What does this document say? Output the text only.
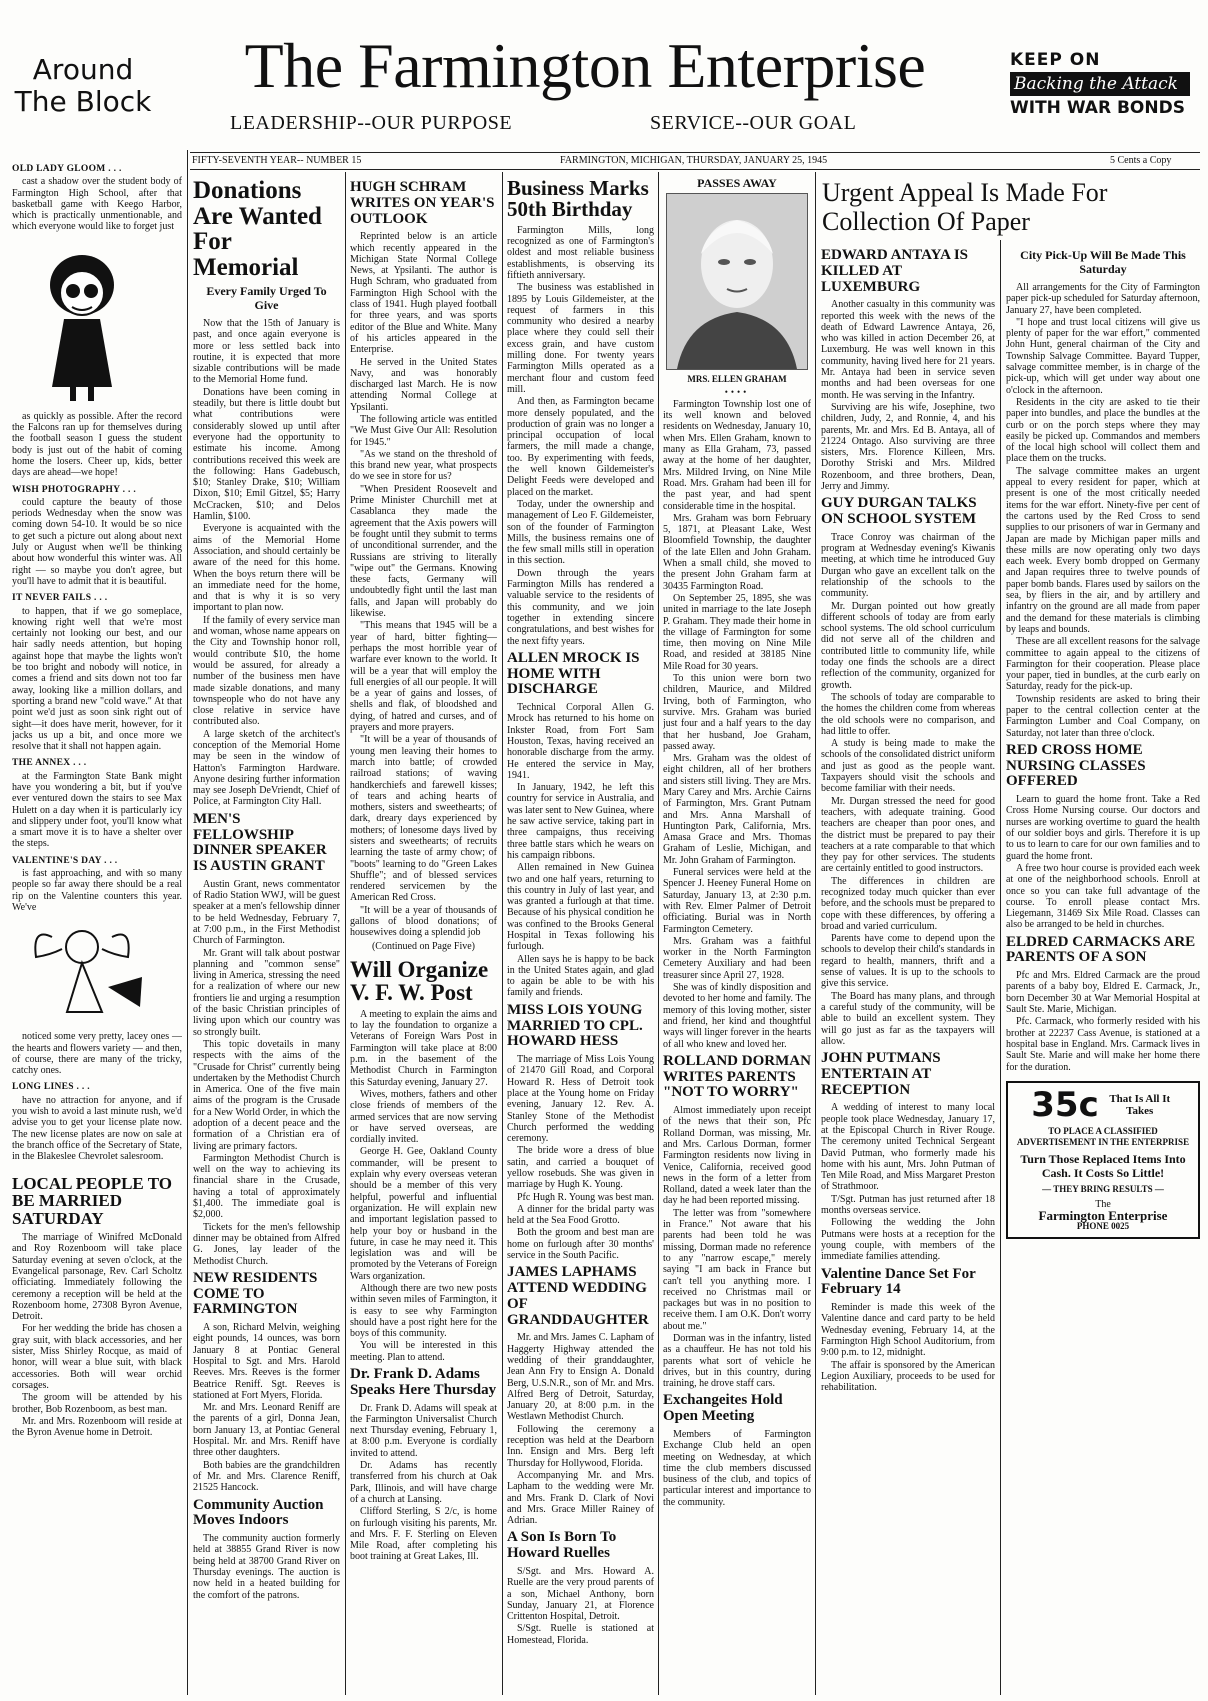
Around
The Block
The Farmington Enterprise
LEADERSHIP--OUR PURPOSE	SERVICE--OUR GOAL
KEEP ON
Backing the Attack
WITH WAR BONDS
FIFTY-SEVENTH YEAR-- NUMBER 15	FARMINGTON, MICHIGAN, THURSDAY, JANUARY 25, 1945	5 Cents a Copy
OLD LADY GLOOM . . .

cast a shadow over the student body of Farmington High School, after that basketball game with Keego Harbor, which is practically unmentionable, and which everyone would like to forget just

as quickly as possible. After the record the Falcons ran up for themselves during the football season I guess the student body is just out of the habit of coming home the losers. Cheer up, kids, better days are ahead—we hope!

WISH PHOTOGRAPHY . . .

could capture the beauty of those periods Wednesday when the snow was coming down 54-10. It would be so nice to get such a picture out along about next July or August when we'll be thinking about how wonderful this winter was. All right — so maybe you don't agree, but you'll have to admit that it is beautiful.

IT NEVER FAILS . . .

to happen, that if we go someplace, knowing right well that we're most certainly not looking our best, and our hair sadly needs attention, but hoping against hope that maybe the lights won't be too bright and nobody will notice, in comes a friend and sits down not too far away, looking like a million dollars, and sporting a brand new "cold wave." At that point we'd just as soon sink right out of sight—it does have merit, however, for it jacks us up a bit, and once more we resolve that it shall not happen again.

THE ANNEX . . .

at the Farmington State Bank might have you wondering a bit, but if you've ever ventured down the stairs to see Max Hulett on a day when it is particularly icy and slippery under foot, you'll know what a smart move it is to have a shelter over the steps.

VALENTINE'S DAY . . .

is fast approaching, and with so many people so far away there should be a real rip on the Valentine counters this year. We've

noticed some very pretty, lacey ones — the hearts and flowers variety — and then, of course, there are many of the tricky, catchy ones.

LONG LINES . . .

have no attraction for anyone, and if you wish to avoid a last minute rush, we'd advise you to get your license plate now. The new license plates are now on sale at the branch office of the Secretary of State, in the Blakeslee Chevrolet salesroom.

LOCAL PEOPLE TO BE MARRIED SATURDAY

The marriage of Winifred McDonald and Roy Rozenboom will take place Saturday evening at seven o'clock, at the Evangelical parsonage, Rev. Carl Scholtz officiating. Immediately following the ceremony a reception will be held at the Rozenboom home, 27308 Byron Avenue, Detroit.

For her wedding the bride has chosen a gray suit, with black accessories, and her sister, Miss Shirley Rocque, as maid of honor, will wear a blue suit, with black accessories. Both will wear orchid corsages.

The groom will be attended by his brother, Bob Rozenboom, as best man.

Mr. and Mrs. Rozenboom will reside at the Byron Avenue home in Detroit.

Donations Are Wanted For Memorial
Every Family Urged To Give

Now that the 15th of January is past, and once again everyone is more or less settled back into routine, it is expected that more sizable contributions will be made to the Memorial Home fund.

Donations have been coming in steadily, but there is little doubt but what contributions were considerably slowed up until after everyone had the opportunity to estimate his income. Among contributions received this week are the following: Hans Gadebusch, $10; Stanley Drake, $10; William Dixon, $10; Emil Gitzel, $5; Harry McCracken, $10; and Delos Hamlin, $100.

Everyone is acquainted with the aims of the Memorial Home Association, and should certainly be aware of the need for this home. When the boys return there will be an immediate need for the home, and that is why it is so very important to plan now.

If the family of every service man and woman, whose name appears on the City and Township honor roll, would contribute $10, the home would be assured, for already a number of the business men have made sizable donations, and many townspeople who do not have any close relative in service have contributed also.

A large sketch of the architect's conception of the Memorial Home may be seen in the window of Hatton's Farmington Hardware. Anyone desiring further information may see Joseph DeVriendt, Chief of Police, at Farmington City Hall.

MEN'S FELLOWSHIP DINNER SPEAKER IS AUSTIN GRANT

Austin Grant, news commentator of Radio Station WWJ, will be guest speaker at a men's fellowship dinner to be held Wednesday, February 7, at 7:00 p.m., in the First Methodist Church of Farmington.

Mr. Grant will talk about postwar planning and "common sense" living in America, stressing the need for a realization of where our new frontiers lie and urging a resumption of the basic Christian principles of living upon which our country was so strongly built.

This topic dovetails in many respects with the aims of the "Crusade for Christ" currently being undertaken by the Methodist Church in America. One of the five main aims of the program is the Crusade for a New World Order, in which the adoption of a decent peace and the formation of a Christian era of living are primary factors.

Farmington Methodist Church is well on the way to achieving its financial share in the Crusade, having a total of approximately $1,400. The immediate goal is $2,000.

Tickets for the men's fellowship dinner may be obtained from Alfred G. Jones, lay leader of the Methodist Church.

NEW RESIDENTS COME TO FARMINGTON

A son, Richard Melvin, weighing eight pounds, 14 ounces, was born January 8 at Pontiac General Hospital to Sgt. and Mrs. Harold Reeves. Mrs. Reeves is the former Beatrice Reniff. Sgt. Reeves is stationed at Fort Myers, Florida.

Mr. and Mrs. Leonard Reniff are the parents of a girl, Donna Jean, born January 13, at Pontiac General Hospital. Mr. and Mrs. Reniff have three other daughters.

Both babies are the grandchildren of Mr. and Mrs. Clarence Reniff, 21525 Hancock.

Community Auction Moves Indoors

The community auction formerly held at 38855 Grand River is now being held at 38700 Grand River on Thursday evenings. The auction is now held in a heated building for the comfort of the patrons.

HUGH SCHRAM WRITES ON YEAR'S OUTLOOK

Reprinted below is an article which recently appeared in the Michigan State Normal College News, at Ypsilanti. The author is Hugh Schram, who graduated from Farmington High School with the class of 1941. Hugh played football for three years, and was sports editor of the Blue and White. Many of his articles appeared in the Enterprise.

He served in the United States Navy, and was honorably discharged last March. He is now attending Normal College at Ypsilanti.

The following article was entitled "We Must Give Our All: Resolution for 1945."

"As we stand on the threshold of this brand new year, what prospects do we see in store for us?

"When President Roosevelt and Prime Minister Churchill met at Casablanca they made the agreement that the Axis powers will be fought until they submit to terms of unconditional surrender, and the Russians are striving to literally "wipe out" the Germans. Knowing these facts, Germany will undoubtedly fight until the last man falls, and Japan will probably do likewise.

"This means that 1945 will be a year of hard, bitter fighting—perhaps the most horrible year of warfare ever known to the world. It will be a year that will employ the full energies of all our people. It will be a year of gains and losses, of shells and flak, of bloodshed and dying, of hatred and curses, and of prayers and more prayers.

"It will be a year of thousands of young men leaving their homes to march into battle; of crowded railroad stations; of waving handkerchiefs and farewell kisses; of tears and aching hearts of mothers, sisters and sweethearts; of dark, dreary days experienced by mothers; of lonesome days lived by sisters and sweethearts; of recruits learning the taste of army chow; of "boots" learning to do "Green Lakes Shuffle"; and of blessed services rendered servicemen by the American Red Cross.

"It will be a year of thousands of gallons of blood donations; of housewives doing a splendid job

(Continued on Page Five)
Will Organize V. F. W. Post

A meeting to explain the aims and to lay the foundation to organize a Veterans of Foreign Wars Post in Farmington will take place at 8:00 p.m. in the basement of the Methodist Church in Farmington this Saturday evening, January 27.

Wives, mothers, fathers and other close friends of members of the armed services that are now serving or have served overseas, are cordially invited.

George H. Gee, Oakland County commander, will be present to explain why every overseas veteran should be a member of this very helpful, powerful and influential organization. He will explain new and important legislation passed to help your boy or husband in the future, in case he may need it. This legislation was and will be promoted by the Veterans of Foreign Wars organization.

Although there are two new posts within seven miles of Farmington, it is easy to see why Farmington should have a post right here for the boys of this community.

You will be interested in this meeting. Plan to attend.

Dr. Frank D. Adams Speaks Here Thursday

Dr. Frank D. Adams will speak at the Farmington Universalist Church next Thursday evening, February 1, at 8:00 p.m. Everyone is cordially invited to attend.

Dr. Adams has recently transferred from his church at Oak Park, Illinois, and will have charge of a church at Lansing.

Clifford Sterling, S 2/c, is home on furlough visiting his parents, Mr. and Mrs. F. F. Sterling on Eleven Mile Road, after completing his boot training at Great Lakes, Ill.

Business Marks 50th Birthday

Farmington Mills, long recognized as one of Farmington's oldest and most reliable business establishments, is observing its fiftieth anniversary.

The business was established in 1895 by Louis Gildemeister, at the request of farmers in this community who desired a nearby place where they could sell their excess grain, and have custom milling done. For twenty years Farmington Mills operated as a merchant flour and custom feed mill.

And then, as Farmington became more densely populated, and the production of grain was no longer a principal occupation of local farmers, the mill made a change, too. By experimenting with feeds, the well known Gildemeister's Delight Feeds were developed and placed on the market.

Today, under the ownership and management of Leo F. Gildemeister, son of the founder of Farmington Mills, the business remains one of the few small mills still in operation in this section.

Down through the years Farmington Mills has rendered a valuable service to the residents of this community, and we join together in extending sincere congratulations, and best wishes for the next fifty years.

ALLEN MROCK IS HOME WITH DISCHARGE

Technical Corporal Allen G. Mrock has returned to his home on Inkster Road, from Fort Sam Houston, Texas, having received an honorable discharge from the army. He entered the service in May, 1941.

In January, 1942, he left this country for service in Australia, and was later sent to New Guinea, where he saw active service, taking part in three campaigns, thus receiving three battle stars which he wears on his campaign ribbons.

Allen remained in New Guinea two and one half years, returning to this country in July of last year, and was granted a furlough at that time. Because of his physical condition he was confined to the Brooks General Hospital in Texas following his furlough.

Allen says he is happy to be back in the United States again, and glad to again be able to be with his family and friends.

MISS LOIS YOUNG MARRIED TO CPL. HOWARD HESS

The marriage of Miss Lois Young of 21470 Gill Road, and Corporal Howard R. Hess of Detroit took place at the Young home on Friday evening, January 12. Rev. A. Stanley Stone of the Methodist Church performed the wedding ceremony.

The bride wore a dress of blue satin, and carried a bouquet of yellow rosebuds. She was given in marriage by Hugh K. Young.

Pfc Hugh R. Young was best man.

A dinner for the bridal party was held at the Sea Food Grotto.

Both the groom and best man are home on furlough after 30 months' service in the South Pacific.

JAMES LAPHAMS ATTEND WEDDING OF GRANDDAUGHTER

Mr. and Mrs. James C. Lapham of Haggerty Highway attended the wedding of their granddaughter, Jean Ann Fry to Ensign A. Donald Berg, U.S.N.R., son of Mr. and Mrs. Alfred Berg of Detroit, Saturday, January 20, at 8:00 p.m. in the Westlawn Methodist Church.

Following the ceremony a reception was held at the Dearborn Inn. Ensign and Mrs. Berg left Thursday for Hollywood, Florida.

Accompanying Mr. and Mrs. Lapham to the wedding were Mr. and Mrs. Frank D. Clark of Novi and Mrs. Grace Miller Rainey of Adrian.

A Son Is Born To Howard Ruelles

S/Sgt. and Mrs. Howard A. Ruelle are the very proud parents of a son, Michael Anthony, born Sunday, January 21, at Florence Crittenton Hospital, Detroit.

S/Sgt. Ruelle is stationed at Homestead, Florida.

PASSES AWAY
MRS. ELLEN GRAHAM
••••

Farmington Township lost one of its well known and beloved residents on Wednesday, January 10, when Mrs. Ellen Graham, known to many as Ella Graham, 73, passed away at the home of her daughter, Mrs. Mildred Irving, on Nine Mile Road. Mrs. Graham had been ill for the past year, and had spent considerable time in the hospital.

Mrs. Graham was born February 5, 1871, at Pleasant Lake, West Bloomfield Township, the daughter of the late Ellen and John Graham. When a small child, she moved to the present John Graham farm at 30435 Farmington Road.

On September 25, 1895, she was united in marriage to the late Joseph P. Graham. They made their home in the village of Farmington for some time, then moving on Nine Mile Road, and resided at 38185 Nine Mile Road for 30 years.

To this union were born two children, Maurice, and Mildred Irving, both of Farmington, who survive. Mrs. Graham was buried just four and a half years to the day that her husband, Joe Graham, passed away.

Mrs. Graham was the oldest of eight children, all of her brothers and sisters still living. They are Mrs. Mary Carey and Mrs. Archie Cairns of Farmington, Mrs. Grant Putnam and Mrs. Anna Marshall of Huntington Park, California, Mrs. Amasa Grace and Mrs. Thomas Graham of Leslie, Michigan, and Mr. John Graham of Farmington.

Funeral services were held at the Spencer J. Heeney Funeral Home on Saturday, January 13, at 2:30 p.m. with Rev. Elmer Palmer of Detroit officiating. Burial was in North Farmington Cemetery.

Mrs. Graham was a faithful worker in the North Farmington Cemetery Auxiliary and had been treasurer since April 27, 1928.

She was of kindly disposition and devoted to her home and family. The memory of this loving mother, sister and friend, her kind and thoughtful ways will linger forever in the hearts of all who knew and loved her.

ROLLAND DORMAN WRITES PARENTS "NOT TO WORRY"

Almost immediately upon receipt of the news that their son, Pfc Rolland Dorman, was missing, Mr. and Mrs. Carlous Dorman, former Farmington residents now living in Venice, California, received good news in the form of a letter from Rolland, dated a week later than the day he had been reported missing.

The letter was from "somewhere in France." Not aware that his parents had been told he was missing, Dorman made no reference to any "narrow escape," merely saying "I am back in France but can't tell you anything more. I received no Christmas mail or packages but was in no position to receive them. I am O.K. Don't worry about me."

Dorman was in the infantry, listed as a chauffeur. He has not told his parents what sort of vehicle he drives, but in this country, during training, he drove staff cars.

Exchangeites Hold Open Meeting

Members of Farmington Exchange Club held an open meeting on Wednesday, at which time the club members discussed business of the club, and topics of particular interest and importance to the community.

Urgent Appeal Is Made For Collection Of Paper
EDWARD ANTAYA IS KILLED AT LUXEMBURG

Another casualty in this community was reported this week with the news of the death of Edward Lawrence Antaya, 26, who was killed in action December 26, at Luxemburg. He was well known in this community, having lived here for 21 years. Mr. Antaya had been in service seven months and had been overseas for one month. He was serving in the Infantry.

Surviving are his wife, Josephine, two children, Judy, 2, and Ronnie, 4, and his parents, Mr. and Mrs. Ed B. Antaya, all of 21224 Ontago. Also surviving are three sisters, Mrs. Florence Killeen, Mrs. Dorothy Striski and Mrs. Mildred Rozenboom, and three brothers, Dean, Jerry and Jimmy.

GUY DURGAN TALKS ON SCHOOL SYSTEM

Trace Conroy was chairman of the program at Wednesday evening's Kiwanis meeting, at which time he introduced Guy Durgan who gave an excellent talk on the relationship of the schools to the community.

Mr. Durgan pointed out how greatly different schools of today are from early school systems. The old school curriculum did not serve all of the children and contributed little to community life, while today one finds the schools are a direct reflection of the community, organized for growth.

The schools of today are comparable to the homes the children come from whereas the old schools were no comparison, and had little to offer.

A study is being made to make the schools of the consolidated district uniform and just as good as the people want. Taxpayers should visit the schools and become familiar with their needs.

Mr. Durgan stressed the need for good teachers, with adequate training. Good teachers are cheaper than poor ones, and the district must be prepared to pay their teachers at a rate comparable to that which they pay for other services. The students are certainly entitled to good instructors.

The differences in children are recognized today much quicker than ever before, and the schools must be prepared to cope with these differences, by offering a broad and varied curriculum.

Parents have come to depend upon the schools to develop their child's standards in regard to health, manners, thrift and a sense of values. It is up to the schools to give this service.

The Board has many plans, and through a careful study of the community, will be able to build an excellent system. They will go just as far as the taxpayers will allow.

JOHN PUTMANS ENTERTAIN AT RECEPTION

A wedding of interest to many local people took place Wednesday, January 17, at the Episcopal Church in River Rouge. The ceremony united Technical Sergeant David Putman, who formerly made his home with his aunt, Mrs. John Putman of Ten Mile Road, and Miss Margaret Preston of Strathmoor.

T/Sgt. Putman has just returned after 18 months overseas service.

Following the wedding the John Putmans were hosts at a reception for the young couple, with members of the immediate families attending.

Valentine Dance Set For February 14

Reminder is made this week of the Valentine dance and card party to be held Wednesday evening, February 14, at the Farmington High School Auditorium, from 9:00 p.m. to 12, midnight.

The affair is sponsored by the American Legion Auxiliary, proceeds to be used for rehabilitation.

City Pick-Up Will Be Made This Saturday

All arrangements for the City of Farmington paper pick-up scheduled for Saturday afternoon, January 27, have been completed.

"I hope and trust local citizens will give us plenty of paper for the war effort," commented John Hunt, general chairman of the City and Township Salvage Committee. Bayard Tupper, salvage committee member, is in charge of the pick-up, which will get under way about one o'clock in the afternoon.

Residents in the city are asked to tie their paper into bundles, and place the bundles at the curb or on the porch steps where they may easily be picked up. Commandos and members of the local high school will collect them and place them on the trucks.

The salvage committee makes an urgent appeal to every resident for paper, which at present is one of the most critically needed items for the war effort. Ninety-five per cent of the cartons used by the Red Cross to send supplies to our prisoners of war in Germany and Japan are made by Michigan paper mills and these mills are now operating only two days each week. Every bomb dropped on Germany and Japan requires three to twelve pounds of paper bomb bands. Flares used by sailors on the sea, by fliers in the air, and by artillery and infantry on the ground are all made from paper and the demand for these materials is climbing by leaps and bounds.

These are all excellent reasons for the salvage committee to again appeal to the citizens of Farmington for their cooperation. Please place your paper, tied in bundles, at the curb early on Saturday, ready for the pick-up.

Township residents are asked to bring their paper to the central collection center at the Farmington Lumber and Coal Company, on Saturday, not later than three o'clock.

RED CROSS HOME NURSING CLASSES OFFERED

Learn to guard the home front. Take a Red Cross Home Nursing course. Our doctors and nurses are working overtime to guard the health of our soldier boys and girls. Therefore it is up to us to learn to care for our own families and to guard the home front.

A free two hour course is provided each week at one of the neighborhood schools. Enroll at once so you can take full advantage of the course. To enroll please contact Mrs. Liegemann, 31469 Six Mile Road. Classes can also be arranged to be held in churches.

ELDRED CARMACKS ARE PARENTS OF A SON

Pfc and Mrs. Eldred Carmack are the proud parents of a baby boy, Eldred E. Carmack, Jr., born December 30 at War Memorial Hospital at Sault Ste. Marie, Michigan.

Pfc. Carmack, who formerly resided with his brother at 22237 Cass Avenue, is stationed at a hospital base in England. Mrs. Carmack lives in Sault Ste. Marie and will make her home there for the duration.

35c That Is All It Takes
TO PLACE A CLASSIFIED ADVERTISEMENT IN THE ENTERPRISE
Turn Those Replaced Items Into Cash. It Costs So Little!
— THEY BRING RESULTS —
The
Farmington Enterprise
PHONE 0025
